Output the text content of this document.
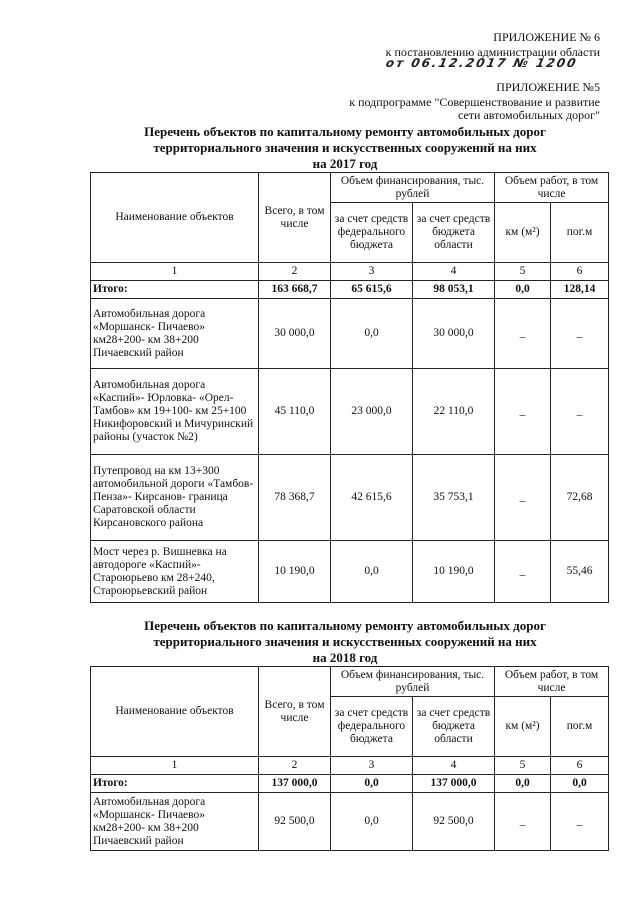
ПРИЛОЖЕНИЕ № 6
к постановлению администрации области
от 06.12.2017 № 1200
ПРИЛОЖЕНИЕ №5
к подпрограмме "Совершенствование и развитие
сети автомобильных дорог"
Перечень объектов по капитальному ремонту автомобильных дорог
территориального значения и искусственных сооружений на них
на 2017 год
Наименование объектов	Всего, в том числе	Объем финансирования, тыс. рублей		Объем работ, в том числе	
		за счет средств федерального бюджета	за счет средств бюджета области	км (м²)	пог.м
1	2	3	4	5	6
Итого:	163 668,7	65 615,6	98 053,1	0,0	128,14
Автомобильная дорога «Моршанск- Пичаево» км28+200- км 38+200 Пичаевский район	30 000,0	0,0	30 000,0	_	_
Автомобильная дорога «Каспий»- Юрловка- «Орел- Тамбов» км 19+100- км 25+100 Никифоровский и Мичуринский районы (участок №2)	45 110,0	23 000,0	22 110,0	_	_
Путепровод на км 13+300 автомобильной дороги «Тамбов- Пенза»- Кирсанов- граница Саратовской области Кирсановского района	78 368,7	42 615,6	35 753,1	_	72,68
Мост через р. Вишневка на автодороге «Каспий»- Староюрьево км 28+240, Староюрьевский район	10 190,0	0,0	10 190,0	_	55,46
Перечень объектов по капитальному ремонту автомобильных дорог
территориального значения и искусственных сооружений на них
на 2018 год
Наименование объектов	Всего, в том числе	Объем финансирования, тыс. рублей		Объем работ, в том числе	
		за счет средств федерального бюджета	за счет средств бюджета области	км (м²)	пог.м
1	2	3	4	5	6
Итого:	137 000,0	0,0	137 000,0	0,0	0,0
Автомобильная дорога «Моршанск- Пичаево» км28+200- км 38+200 Пичаевский район	92 500,0	0,0	92 500,0	_	_
